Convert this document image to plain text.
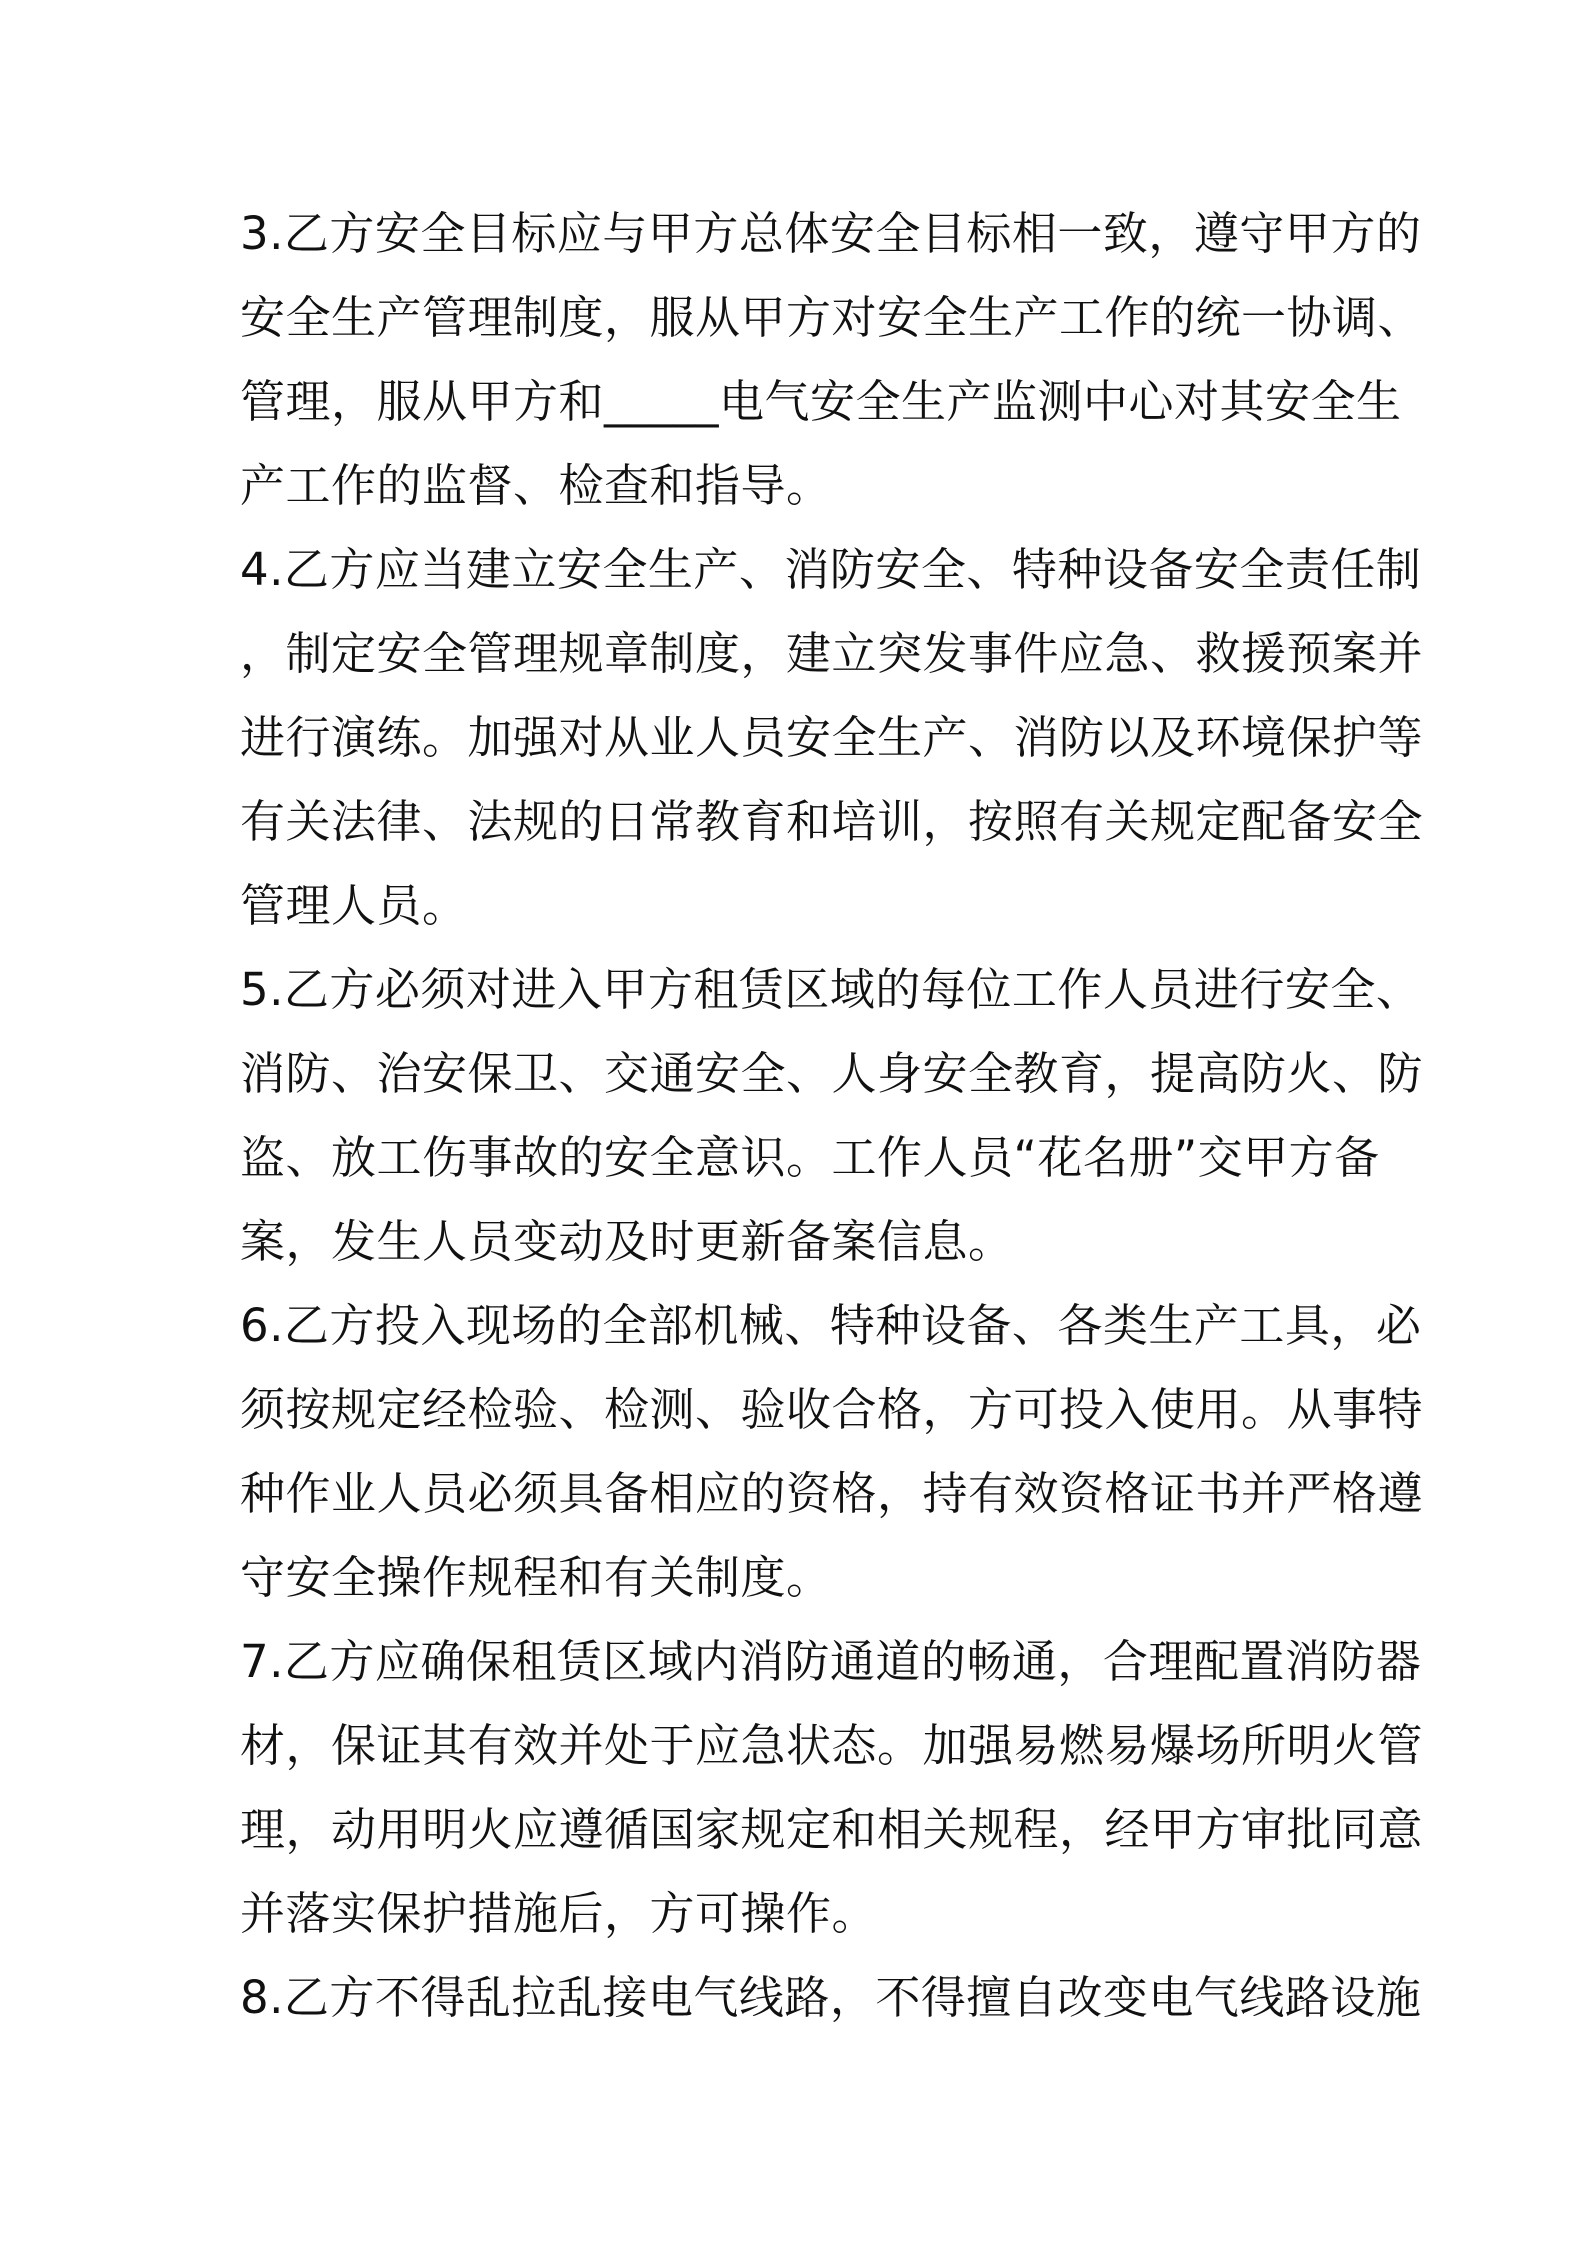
3.乙方安全目标应与甲方总体安全目标相一致，遵守甲方的
安全生产管理制度，服从甲方对安全生产工作的统一协调、
管理，服从甲方和_____电气安全生产监测中心对其安全生
产工作的监督、检查和指导。
4.乙方应当建立安全生产、消防安全、特种设备安全责任制
，制定安全管理规章制度，建立突发事件应急、救援预案并
进行演练。加强对从业人员安全生产、消防以及环境保护等
有关法律、法规的日常教育和培训，按照有关规定配备安全
管理人员。
5.乙方必须对进入甲方租赁区域的每位工作人员进行安全、
消防、治安保卫、交通安全、人身安全教育，提高防火、防
盗、放工伤事故的安全意识。工作人员“花名册”交甲方备
案，发生人员变动及时更新备案信息。
6.乙方投入现场的全部机械、特种设备、各类生产工具，必
须按规定经检验、检测、验收合格，方可投入使用。从事特
种作业人员必须具备相应的资格，持有效资格证书并严格遵
守安全操作规程和有关制度。
7.乙方应确保租赁区域内消防通道的畅通，合理配置消防器
材，保证其有效并处于应急状态。加强易燃易爆场所明火管
理，动用明火应遵循国家规定和相关规程，经甲方审批同意
并落实保护措施后，方可操作。
8.乙方不得乱拉乱接电气线路，不得擅自改变电气线路设施
